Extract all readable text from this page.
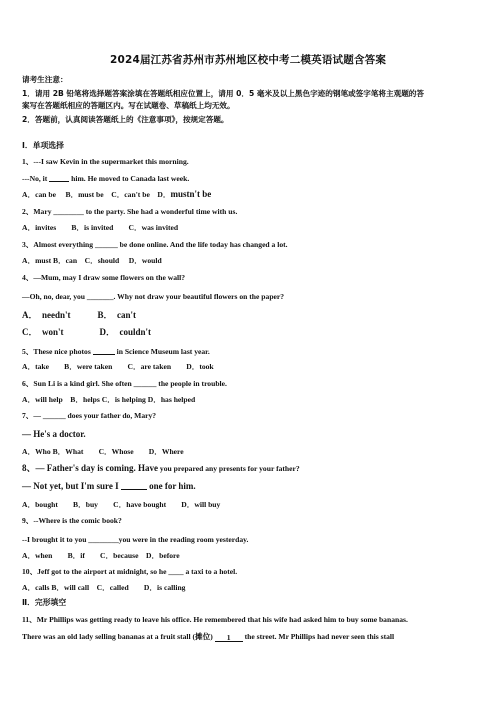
2024届江苏省苏州市苏州地区校中考二模英语试题含答案
请考生注意：
1．请用 2B 铅笔将选择题答案涂填在答题纸相应位置上，请用 0．5 毫米及以上黑色字迹的钢笔或签字笔将主观题的答
案写在答题纸相应的答题区内。写在试题卷、草稿纸上均无效。
2．答题前，认真阅读答题纸上的《注意事项》，按规定答题。
Ⅰ．单项选择
1、---I saw Kevin in the supermarket this morning.
---No, it	him. He moved to Canada last week.
A．can be　 B．must be　C．can't be　D．mustn't be
2、Mary ________ to the party. She had a wonderful time with us.
A．invites　　B．is invited　　C．was invited
3、Almost everything ______ be done online. And the life today has changed a lot.
A．must B．can　C．should　 D．would
4、—Mum, may I draw some flowers on the wall?
—Oh, no, dear, you _______. Why not draw your beautiful flowers on the paper?
A．　needn't　　　B．　can't
C．　won't　　　　D．　couldn't
5、These nice photos	in Science Museum last year.
A．take　　B．were taken　　C．are taken　　D．took
6、Sun Li is a kind girl. She often ______ the people in trouble.
A．will help　B．helps C．is helping D．has helped
7、— ______ does your father do, Mary?
— He's a doctor.
A．Who B．What　　C．Whose　　D．Where
8、— Father's day is coming. Have you prepared any presents for your father?
— Not yet, but I'm sure I	one for him.
A．bought　　B．buy　　C．have bought　　D．will buy
9、--Where is the comic book?
--I brought it to you ________you were in the reading room yesterday.
A．when　　B．if　　C．because　D．before
10、Jeff got to the airport at midnight, so he ____ a taxi to a hotel.
A．calls B．will call　C．called　　D．is calling
Ⅱ．完形填空
11、Mr Phillips was getting ready to leave his office. He remembered that his wife had asked him to buy some bananas.
There was an old lady selling bananas at a fruit stall (摊位) 1 the street. Mr Phillips had never seen this stall
